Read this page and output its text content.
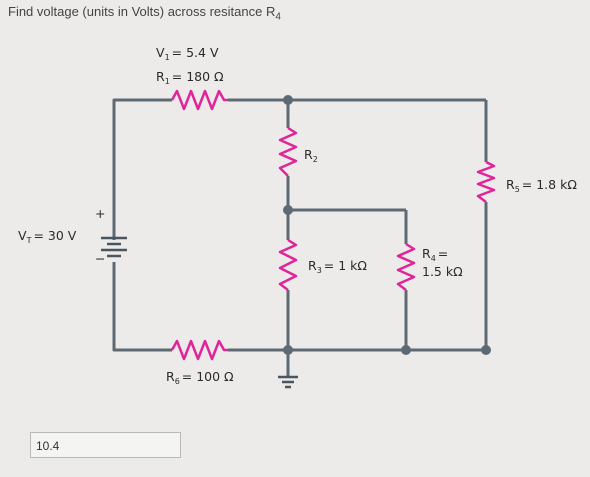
Find voltage (units in Volts) across resitance $R_4$
$V_1 = 5.4$ V
$R_1 = 180$ Ω
$R_2$
$R_3 = 1$ kΩ
$R_4$ =
1.5 kΩ
$R_5 = 1.8$ kΩ
$R_6 = 100$ Ω
$V_T = 30$ V
+
−
10.4
